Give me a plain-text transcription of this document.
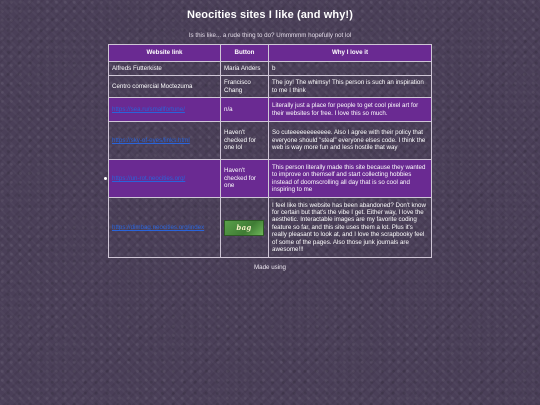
Neocities sites I like (and why!)
Is this like... a rude thing to do? Ummmmm hopefully not lol
Website link	Button	Why I love it
Alfreds Futterkiste	Maria Anders	b
Centro comercial Moctezuma	Francisco Chang	The joy! The whimsy! This person is such an inspiration to me I think
https://sea.ru/smallfortune/	n/a	Literally just a place for people to get cool pixel art for their websites for free. I love this so much.
https://sky-of-eyes/links.html	Haven't checked for one lol	So cuteeeeeeeeeeee. Also I agree with their policy that everyone should "steal" everyone elses code. I think the web is way more fun and less hostile that way
https://un-rot.neocities.org/	Haven't checked for one	This person literally made this site because they wanted to improve on themself and start collecting hobbies instead of doomscrolling all day that is so cool and inspiring to me
https://dimbag.neocities.org/index	bag	I feel like this website has been abandoned? Don't know for certain but that's the vibe I get. Either way, I love the aesthetic. Interactable images are my favorite coding feature so far, and this site uses them a lot. Plus it's really pleasant to look at, and I love the scrapbooky feel of some of the pages. Also those junk journals are awesome!!!
Made using
